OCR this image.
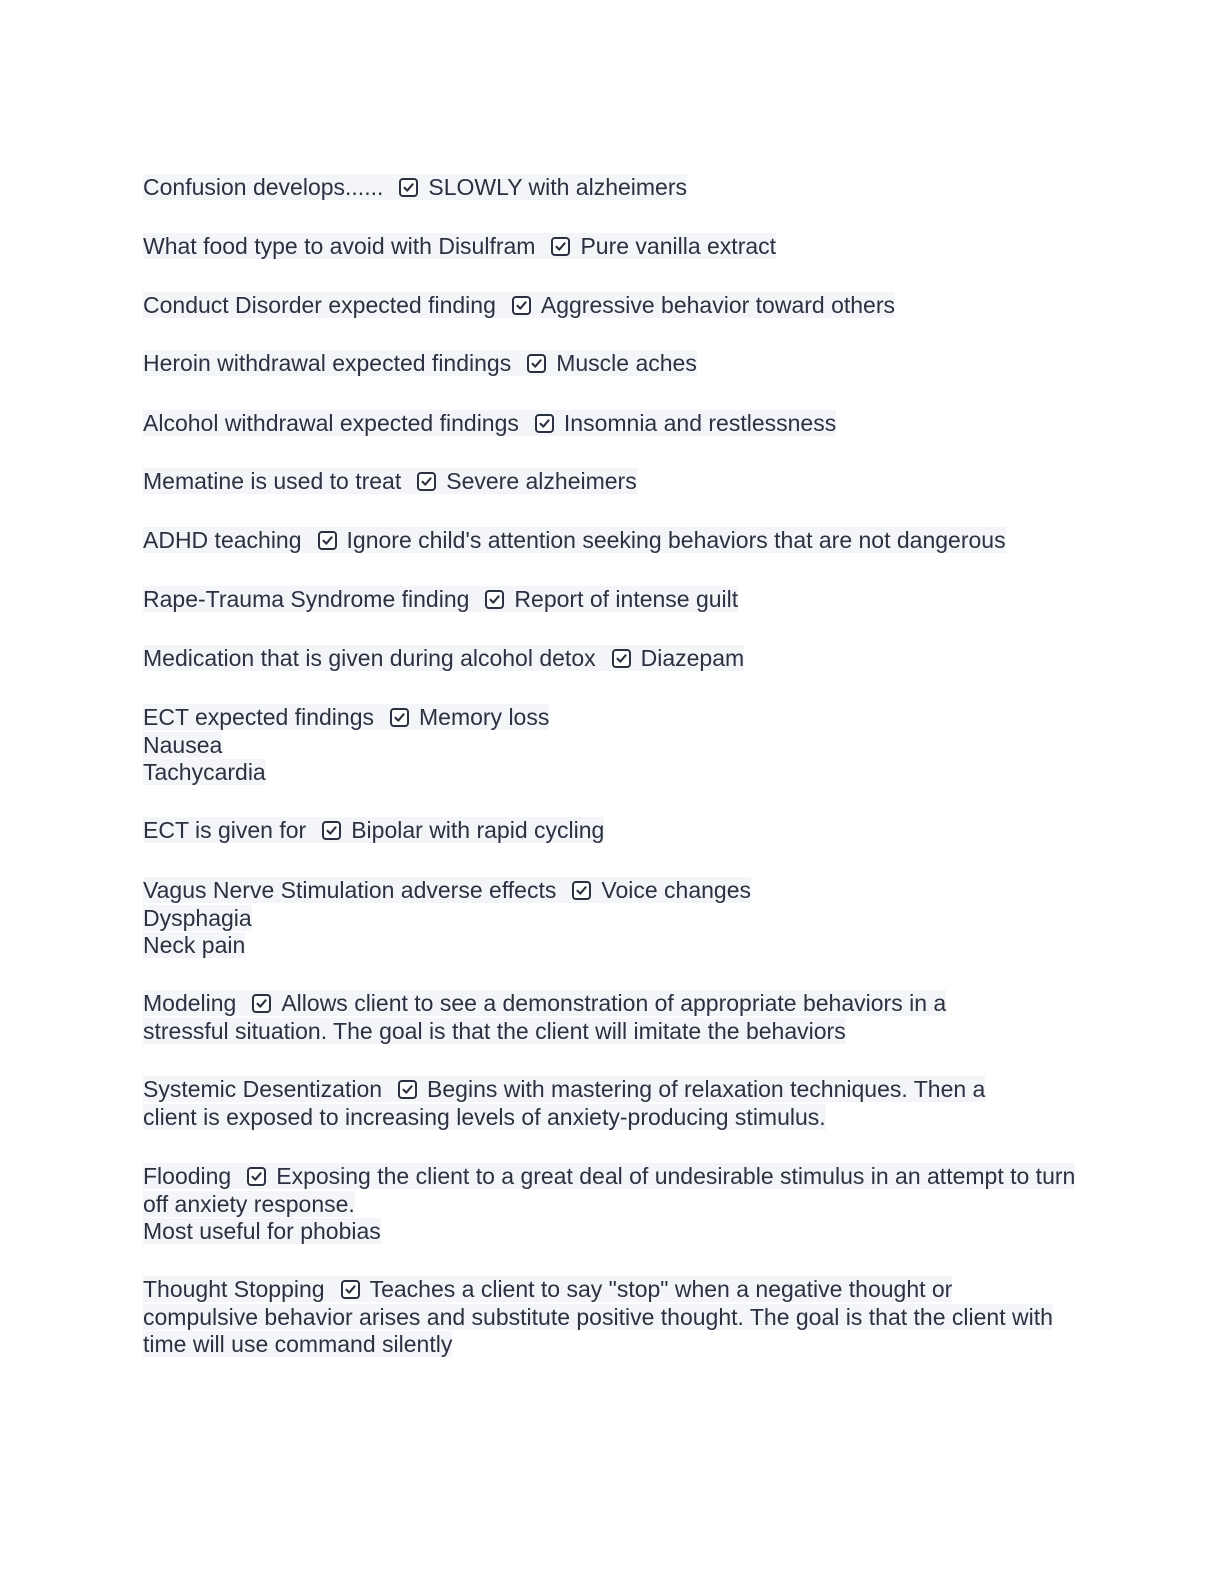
Confusion develops...... SLOWLY with alzheimers
What food type to avoid with Disulfram Pure vanilla extract
Conduct Disorder expected finding Aggressive behavior toward others
Heroin withdrawal expected findings Muscle aches
Alcohol withdrawal expected findings Insomnia and restlessness
Mematine is used to treat Severe alzheimers
ADHD teaching Ignore child's attention seeking behaviors that are not dangerous
Rape-Trauma Syndrome finding Report of intense guilt
Medication that is given during alcohol detox Diazepam
ECT expected findings Memory loss
Nausea
Tachycardia
ECT is given for Bipolar with rapid cycling
Vagus Nerve Stimulation adverse effects Voice changes
Dysphagia
Neck pain
Modeling Allows client to see a demonstration of appropriate behaviors in a stressful situation. The goal is that the client will imitate the behaviors
Systemic Desentization Begins with mastering of relaxation techniques. Then a client is exposed to increasing levels of anxiety-producing stimulus.
Flooding Exposing the client to a great deal of undesirable stimulus in an attempt to turn off anxiety response.
Most useful for phobias
Thought Stopping Teaches a client to say "stop" when a negative thought or compulsive behavior arises and substitute positive thought. The goal is that the client with time will use command silently
